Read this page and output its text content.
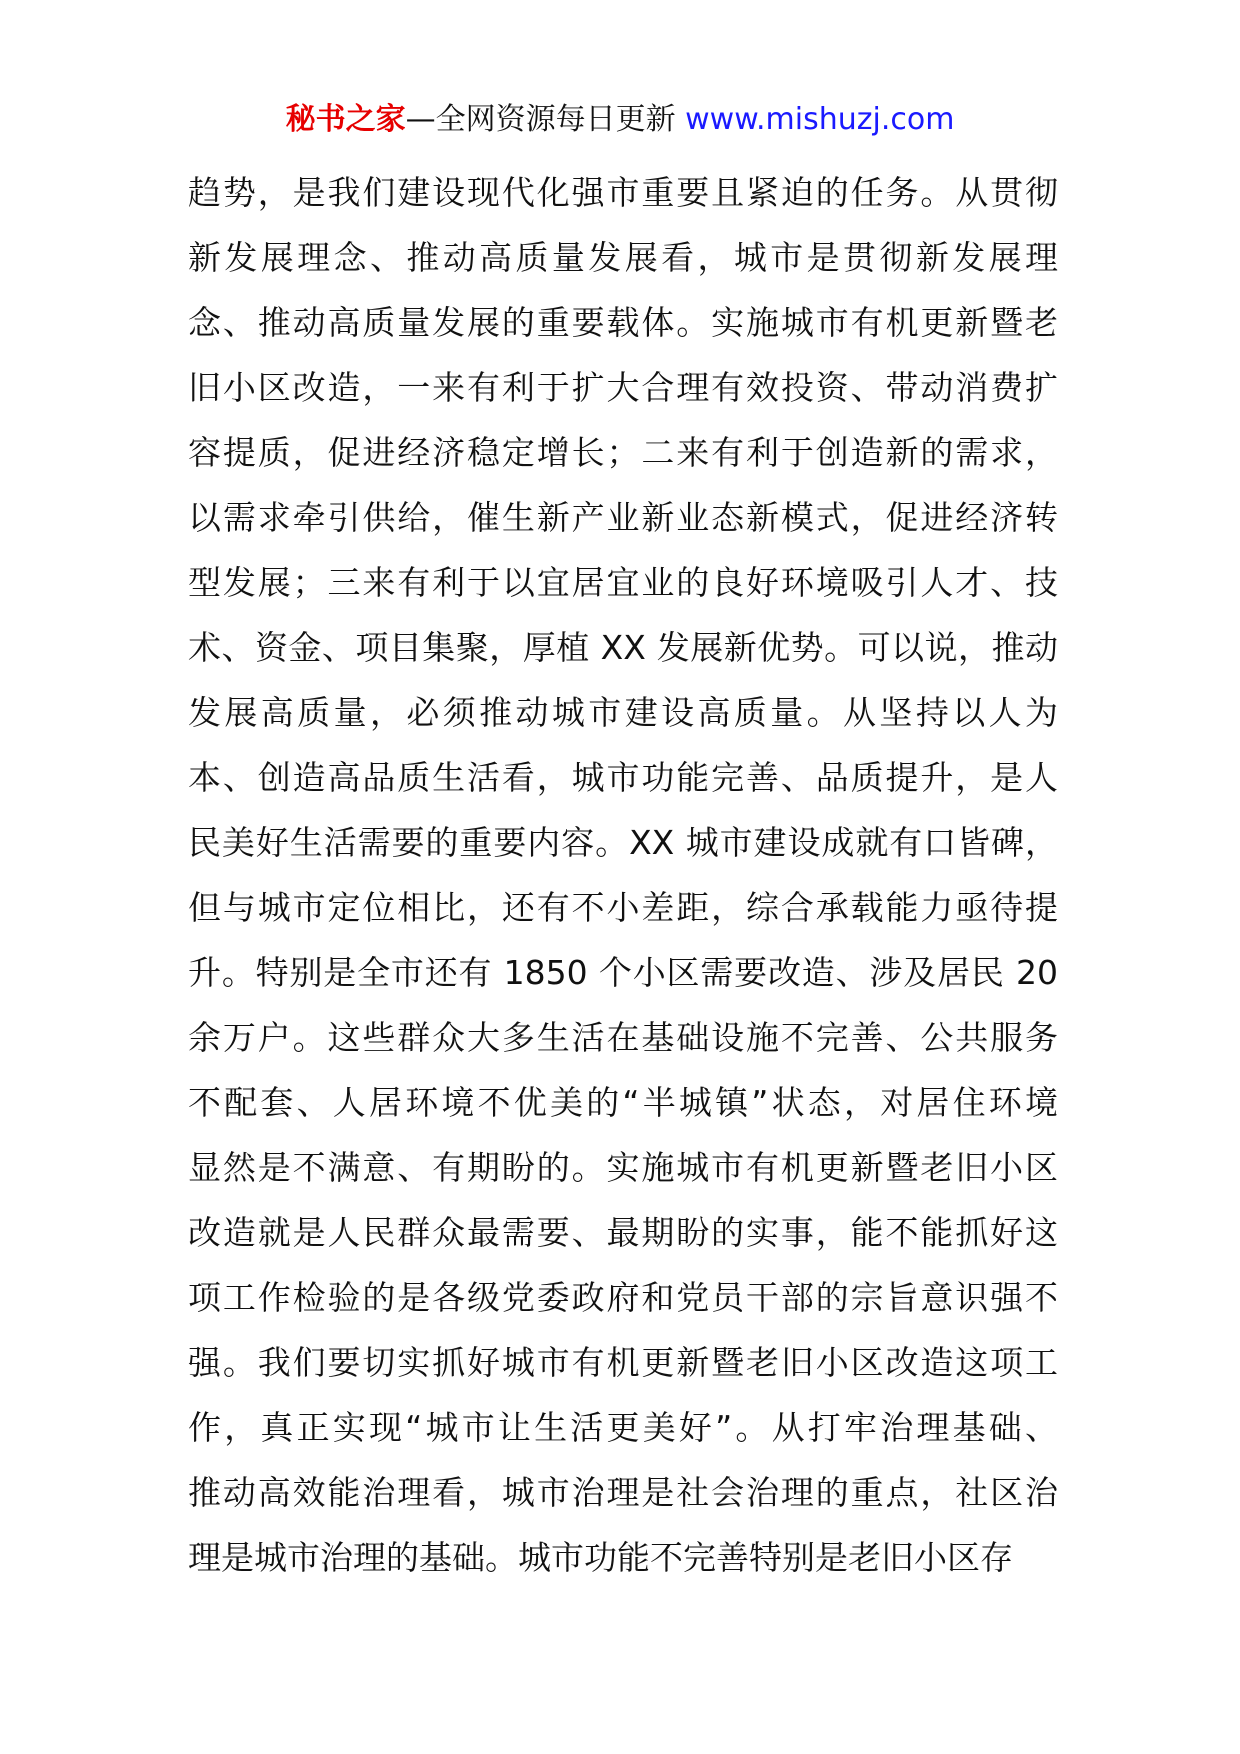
秘书之家—全网资源每日更新 www.mishuzj.com
趋势，是我们建设现代化强市重要且紧迫的任务。从贯彻
新发展理念、推动高质量发展看，城市是贯彻新发展理
念、推动高质量发展的重要载体。实施城市有机更新暨老
旧小区改造，一来有利于扩大合理有效投资、带动消费扩
容提质，促进经济稳定增长；二来有利于创造新的需求，
以需求牵引供给，催生新产业新业态新模式，促进经济转
型发展；三来有利于以宜居宜业的良好环境吸引人才、技
术、资金、项目集聚，厚植 XX 发展新优势。可以说，推动
发展高质量，必须推动城市建设高质量。从坚持以人为
本、创造高品质生活看，城市功能完善、品质提升，是人
民美好生活需要的重要内容。XX 城市建设成就有口皆碑，
但与城市定位相比，还有不小差距，综合承载能力亟待提
升。特别是全市还有 1850 个小区需要改造、涉及居民 20
余万户。这些群众大多生活在基础设施不完善、公共服务
不配套、人居环境不优美的“半城镇”状态，对居住环境
显然是不满意、有期盼的。实施城市有机更新暨老旧小区
改造就是人民群众最需要、最期盼的实事，能不能抓好这
项工作检验的是各级党委政府和党员干部的宗旨意识强不
强。我们要切实抓好城市有机更新暨老旧小区改造这项工
作，真正实现“城市让生活更美好”。从打牢治理基础、
推动高效能治理看，城市治理是社会治理的重点，社区治
理是城市治理的基础。城市功能不完善特别是老旧小区存
